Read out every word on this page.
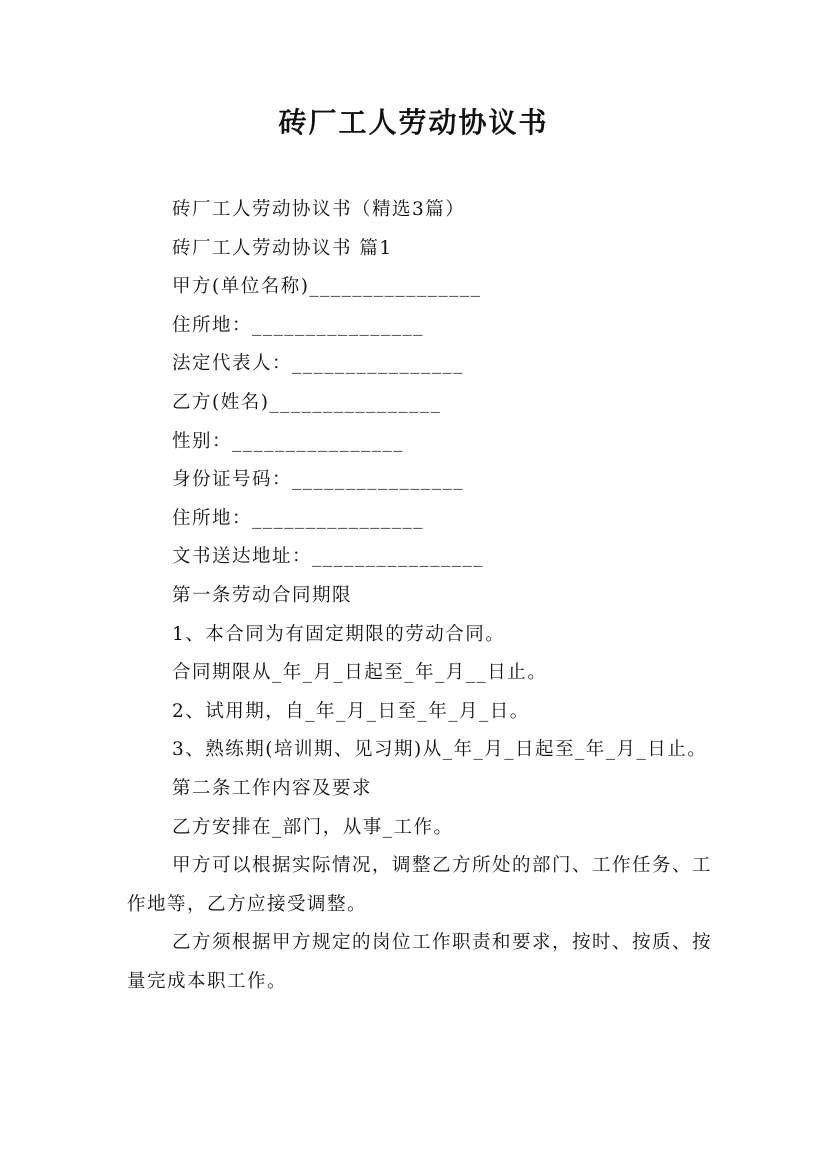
砖厂工人劳动协议书

砖厂工人劳动协议书（精选3篇）

砖厂工人劳动协议书 篇1

甲方(单位名称)________________

住所地：________________

法定代表人：________________

乙方(姓名)________________

性别：________________

身份证号码：________________

住所地：________________

文书送达地址：________________

第一条劳动合同期限

1、本合同为有固定期限的劳动合同。

合同期限从_年_月_日起至_年_月__日止。

2、试用期，自_年_月_日至_年_月_日。

3、熟练期(培训期、见习期)从_年_月_日起至_年_月_日止。

第二条工作内容及要求

乙方安排在_部门，从事_工作。

甲方可以根据实际情况，调整乙方所处的部门、工作任务、工作地等，乙方应接受调整。

乙方须根据甲方规定的岗位工作职责和要求，按时、按质、按量完成本职工作。
